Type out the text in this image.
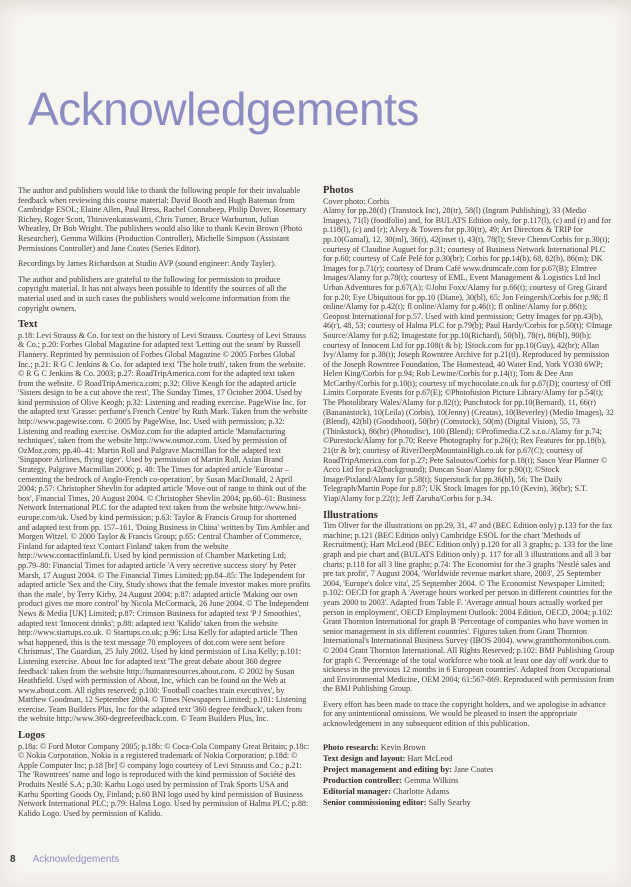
Acknowledgements

The author and publishers would like to thank the following people for their invaluable feedback when reviewing this course material: David Booth and Hugh Bateman from Cambridge ESOL; Elaine Allen, Paul Bress, Rachel Connabeep, Philip Dover, Rosemary Richey, Roger Scott, Thiruvenkataswami, Chris Turner, Bruce Warburton, Julian Wheatley, Dr Bob Wright. The publishers would also like to thank Kevin Brown (Photo Researcher), Gemma Wilkins (Production Controller), Michelle Simpson (Assistant Permissions Controller) and Jane Coates (Series Editor).

Recordings by James Richardson at Studio AVP (sound engineer: Andy Tayler).

The author and publishers are grateful to the following for permission to produce copyright material. It has not always been possible to identify the sources of all the material used and in such cases the publishers would welcome information from the copyright owners.

Text

p.18: Levi Strauss & Co. for text on the history of Levi Strauss. Courtesy of Levi Strauss & Co.; p.20: Forbes Global Magazine for adapted text 'Letting out the seam' by Russell Flannery. Reprinted by permission of Forbes Global Magazine © 2005 Forbes Global Inc.; p.21: R G C Jenkins & Co. for adapted text 'The hole truth', taken from the website. © R G C Jenkins & Co. 2003; p.27: RoadTripAmerica.com for the adapted text taken from the website. © RoadTripAmerica.com; p.32: Olive Keogh for the adapted article 'Sisters design to be a cut above the rest', The Sunday Times, 17 October 2004. Used by kind permission of Olive Keogh; p.32: Listening and reading exercise. PageWise Inc. for the adapted text 'Grasse: perfume's French Centre' by Ruth Mark. Taken from the website http://www.pagewise.com. © 2005 by PageWise, Inc. Used with permission; p.32: Listening and reading exercise. OsMoz.com for the adapted article 'Manufacturing techniques', taken from the website http://www.osmoz.com. Used by permission of OzMoz.com; pp.40–41: Martin Roll and Palgrave Macmillan for the adapted text 'Singapore Airlines, flying tiger'. Used by permission of Martin Roll, Asian Brand Strategy, Palgrave Macmillan 2006; p. 48: The Times for adapted article 'Eurostar – cementing the bedrock of Anglo-French co-operation', by Susan MacDonald, 2 April 2004; p.57: Christopher Shevlin for adapted article 'Move out of range to think out of the box', Financial Times, 20 August 2004. © Christopher Shevlin 2004; pp.60–61: Business Network International PLC for the adapted text taken from the website http://www.bni-europe.com/uk. Used by kind permission; p.63: Taylor & Francis Group for shortened and adapted text from pp. 157–161, 'Doing Business in China' written by Tim Ambler and Morgen Witzel. © 2000 Taylor & Francis Group; p.65: Central Chamber of Commerce, Finland for adapted text 'Contact Finland' taken from the website http://www.contactfinland.fi. Used by kind permission of Chamber Marketing Ltd; pp.79–80: Financial Times for adapted article 'A very secretive success story' by Peter Marsh, 17 August 2004. © The Financial Times Limited; pp.84–85: The Independent for adapted article 'Sex and the City, Study shows that the female investor makes more profits than the male', by Terry Kirby, 24 August 2004; p.87: adapted article 'Making our own product gives me more control' by Nicola McCormack, 26 June 2004. © The Independent News & Media [UK] Limited; p.87: Crimson Business for adapted text 'P J Smoothies', adapted text 'Innocent drinks'; p.88: adapted text 'Kalido' taken from the website http://www.startups.co.uk. © Startups.co.uk; p.96: Lisa Kelly for adapted article 'Then what happened, this is the text message 70 employees of dot.com were sent before Christmas', The Guardian, 25 July 2002. Used by kind permission of Lisa Kelly; p.101: Listening exercise. About Inc for adapted text 'The great debate about 360 degree feedback' taken from the website http://humanresources.about.com. © 2002 by Susan Heathfield. Used with permission of About, Inc, which can be found on the Web at www.about.com. All rights reserved; p.100: 'Football coaches train executives', by Matthew Goodman, 12 September 2004. © Times Newspapers Limited; p.101: Listening exercise. Team Builders Plus, Inc for the adapted text '360 degree feedback', taken from the website http://www.360-degreefeedback.com. © Team Builders Plus, Inc.

Logos

p.18a: © Ford Motor Company 2005; p.18b: © Coca-Cola Company Great Britain; p.18c: © Nokia Corporation. Nokia is a registered trademark of Nokia Corporation; p.18d: © Apple Computer Inc; p.18 [br] © company logo courtesy of Levi Strauss and Co.; p.21: The 'Rowntrees' name and logo is reproduced with the kind permission of Société des Produits Nestlé S.A; p.30: Karhu Logo used by permission of Trak Sports USA and Karhu Sporting Goods Oy, Finland; p.60 BNI logo used by kind permission of Business Network International PLC; p.79: Halma Logo. Used by permission of Halma PLC; p.88: Kalido Logo. Used by permission of Kalido.

Photos

Cover photo: Corbis

Alamy for pp.28(tl) (Transtock Inc), 28(tr), 58(l) (Ingram Publishing), 33 (Medio Images), 71(l) (foodfolio) and, for BULATS Edition only, for p.117(l), (c) and (r) and for p.118(l), (c) and (r); Alvey & Towers for pp.30(tr), 49; Art Directors & TRIP for pp.10(Gamal), 12, 30(ml), 36(t), 42(inset t), 43(t), 78(l); Steve Chenn/Corbis for p.30(t); courtesy of Claudine Auguet for p.31; courtesy of Business Network International PLC for p.60; courtesy of Café Pelé for p.30(br); Corbis for pp.14(b), 68, 82(b), 86(m); DK Images for p.71(r); courtesy of Drum Café www.drumcafe.com for p.67(B); Elmtree Images/Alamy for p.78(t); courtesy of EML, Event Management & Logistics Ltd Incl Urban Adventures for p.67(A); ©John Foxx/Alamy for p.66(t); courtesy of Greg Girard for p.20; Eye Ubiquitous for pp.10 (Diane), 30(bl), 65; Jon Feingersh/Corbis for p.98; fl online/Alamy for p.42(t); fl online/Alamy for p.46(t); fl online/Alamy for p.86(t); Geopost International for p.57. Used with kind permission; Getty Images for pp.43(b), 46(r), 48, 53; courtesy of Halma PLC for p.79(b); Paul Hardy/Corbis for p.50(t); ©Image Source/Alamy for p.62; Imagestate for pp.10(Richard), 50(bl), 78(r), 86(bl), 90(b); courtesy of Innocent Ltd for pp.108(t & b); IStock.com for pp.10(Guy), 42(br); Allan Ivy/Alamy for p.38(t); Joseph Rowntree Archive for p.21(tl). Reproduced by permission of the Joseph Rowntree Foundation, The Homestead, 40 Water End, York YO30 6WP; Helen King/Corbis for p.94; Rob Lewine/Corbis for p.14(t); Tom & Dee Ann McCarthy/Corbis for p.10(t); courtesy of mychocolate.co.uk for p.67(D); courtesy of Off Limits Corporate Events for p.67(E); ©Photofusion Picture Library/Alamy for p.54(t); The Photolibrary Wales/Alamy for p.82(t); Punchstock for pp.10(Bernard), 11, 66(r) (Bananastock), 10(Leila) (Corbis), 10(Jenny) (Creatas), 10(Beverley) (Medio Images), 32 (Blend), 42(bl) (Goodshoot), 50(br) (Comstock), 50(m) (Digital Vision), 55, 73 (Thinkstock), 86(br) (Photodisc), 100 (Blend); ©Profimedia.CZ s.r.o./Alamy for p.74; ©Purestock/Alamy for p.70; Reeve Photography for p.26(t); Rex Features for pp.18(b), 21(tr & br); courtesy of RiverDeepMountainHigh.co.uk for p.67(C); courtesy of RoadTripAmerica.com for p.27; Pete Saloutos/Corbis for p.18(t); Sasco Year Planner © Acco Ltd for p.42(background); Duncan Soar/Alamy for p.90(t); ©Stock Image/Pixland/Alamy for p.58(t); Superstock for pp.36(bl), 56; The Daily Telegraph/Martin Pope for p.87; UK Stock Images for pp.10 (Kevin), 36(br); S.T. Yiap/Alamy for p.22(t); Jeff Zaruba/Corbis for p.34.

Illustrations

Tim Oliver for the illustrations on pp.29, 31, 47 and (BEC Edition only) p.133 for the fax machine; p.121 (BEC Edition only) Cambridge ESOL for the chart 'Methods of Recruitment); Hart McLeod (BEC Edition only) p.120 for all 3 graphs; p. 133 for the line graph and pie chart and (BULATS Edition only) p. 117 for all 3 illustrations and all 3 bar charts; p.118 for all 3 line graphs; p.74: The Economist for the 3 graphs 'Nestlé sales and pre tax profit', 7 August 2004, 'Worldwide revenue market share, 2003', 25 September 2004, 'Europe's dolce vita', 25 September 2004. © The Economist Newspaper Limited; p.102: OECD for graph A 'Average hours worked per person in different countries for the years 2000 to 2003'. Adapted from Table F. 'Average annual hours actually worked per person in employment', OECD Employment Outlook: 2004 Edition, OECD, 2004; p.102: Grant Thornton International for graph B 'Percentage of companies who have women in senior management in six different countries'. Figures taken from Grant Thornton International's International Business Survey (IBOS 2004). www.grantthorntonibos.com. © 2004 Grant Thornton International. All Rights Reserved; p.102: BMJ Publishing Group for graph C 'Percentage of the total workforce who took at least one day off work due to sickness in the previous 12 months in 6 European countries'. Adapted from Occupational and Environmental Medicine, OEM 2004; 61:567-869. Reproduced with permission from the BMJ Publishing Group.

Every effort has been made to trace the copyright holders, and we apologise in advance for any unintentional omissions. We would be pleased to insert the appropriate acknowledgement in any subsequent edition of this publication.

Photo research: Kevin Brown
Text design and layout: Hart McLeod
Project management and editing by: Jane Coates
Production controller: Gemma Wilkins
Editorial manager: Charlotte Adams
Senior commissioning editor: Sally Searby
8 Acknowledgements
